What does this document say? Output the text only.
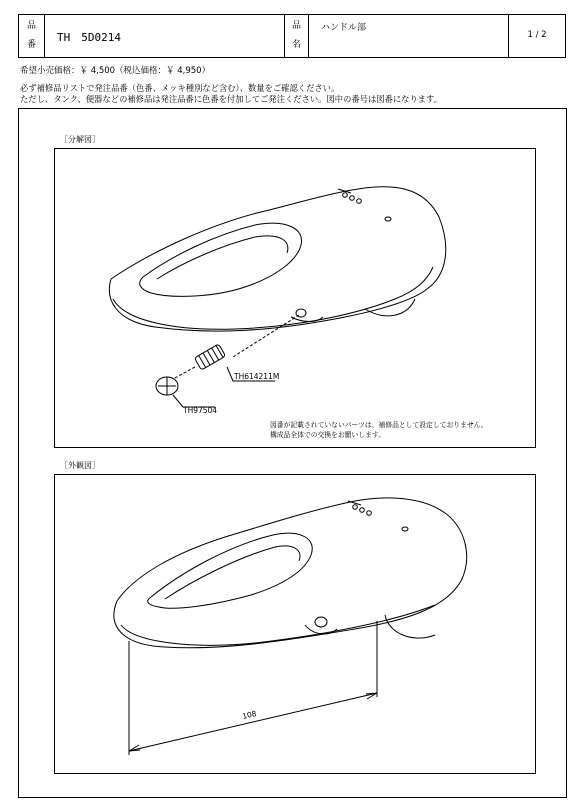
品
番
TH　5D0214
品
名
ハンドル部
1 / 2
希望小売価格：￥ 4,500（税込価格：￥ 4,950）
必ず補修品リストで発注品番（色番、メッキ種別など含む）、数量をご確認ください。
ただし、タンク、便器などの補修品は発注品番に色番を付加してご発注ください。図中の番号は図番になります。
［分解図］
TH614211M
TH97504
図番が記載されていないパーツは、補修品として設定しておりません。
構成品全体での交換をお願いします。
［外観図］
108
